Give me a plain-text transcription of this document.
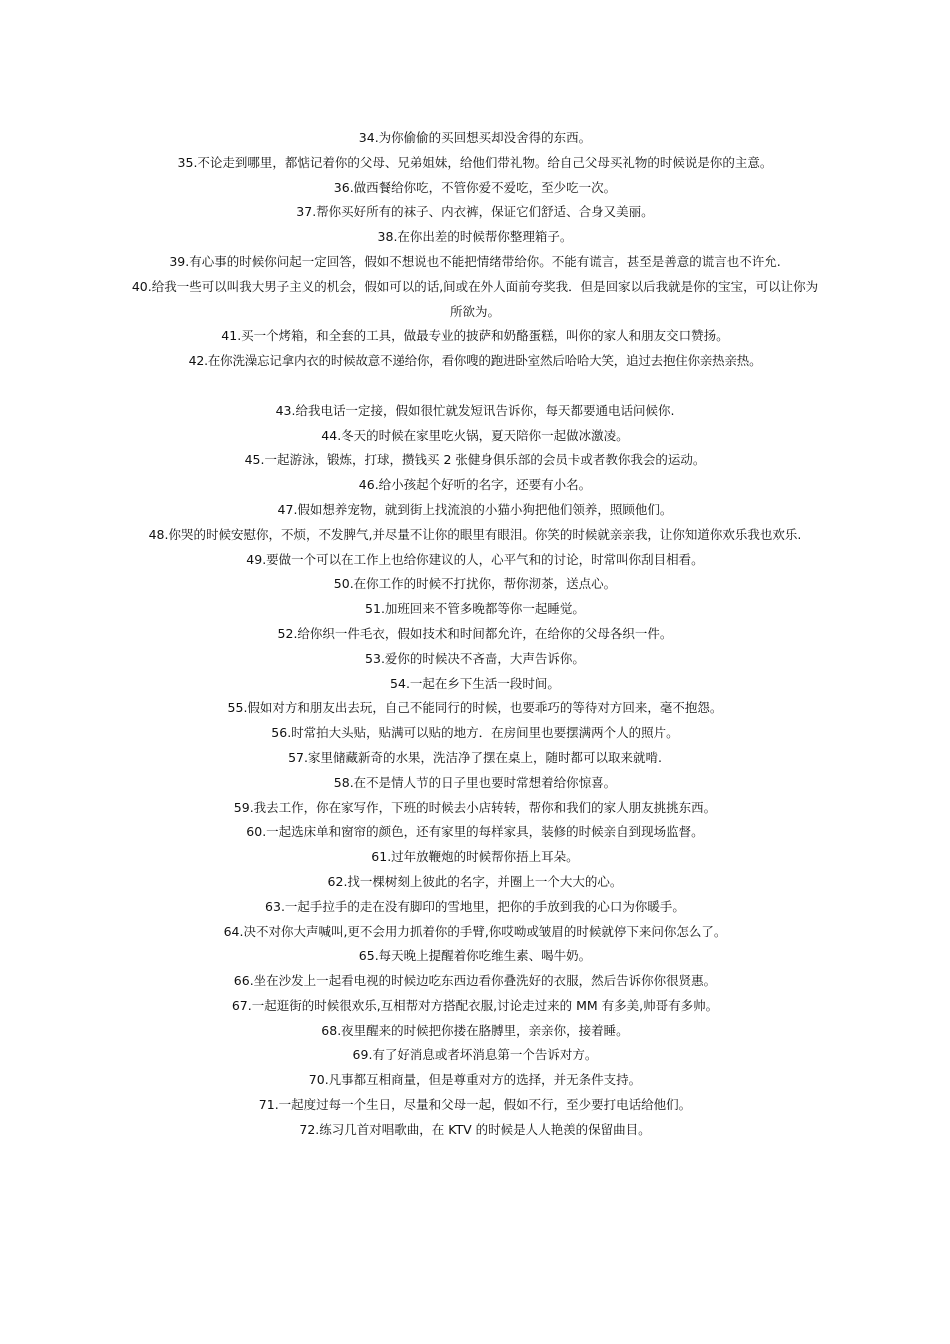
34.为你偷偷的买回想买却没舍得的东西。
35.不论走到哪里，都惦记着你的父母、兄弟姐妹，给他们带礼物。给自己父母买礼物的时候说是你的主意。
36.做西餐给你吃，不管你爱不爱吃，至少吃一次。
37.帮你买好所有的袜子、内衣裤，保证它们舒适、合身又美丽。
38.在你出差的时候帮你整理箱子。
39.有心事的时候你问起一定回答，假如不想说也不能把情绪带给你。不能有谎言，甚至是善意的谎言也不许允.
40.给我一些可以叫我大男子主义的机会，假如可以的话,间或在外人面前夸奖我．但是回家以后我就是你的宝宝，可以让你为所欲为。
41.买一个烤箱，和全套的工具，做最专业的披萨和奶酪蛋糕，叫你的家人和朋友交口赞扬。
42.在你洗澡忘记拿内衣的时候故意不递给你，看你嗖的跑进卧室然后哈哈大笑，追过去抱住你亲热亲热。
43.给我电话一定接，假如很忙就发短讯告诉你，每天都要通电话问候你.
44.冬天的时候在家里吃火锅，夏天陪你一起做冰激凌。
45.一起游泳，锻炼，打球，攒钱买 2 张健身俱乐部的会员卡或者教你我会的运动。
46.给小孩起个好听的名字，还要有小名。
47.假如想养宠物，就到街上找流浪的小猫小狗把他们领养，照顾他们。
48.你哭的时候安慰你，不烦，不发脾气,并尽量不让你的眼里有眼泪。你笑的时候就亲亲我，让你知道你欢乐我也欢乐.
49.要做一个可以在工作上也给你建议的人，心平气和的讨论，时常叫你刮目相看。
50.在你工作的时候不打扰你，帮你沏茶，送点心。
51.加班回来不管多晚都等你一起睡觉。
52.给你织一件毛衣，假如技术和时间都允许，在给你的父母各织一件。
53.爱你的时候决不吝啬，大声告诉你。
54.一起在乡下生活一段时间。
55.假如对方和朋友出去玩，自己不能同行的时候，也要乖巧的等待对方回来，毫不抱怨。
56.时常拍大头贴，贴满可以贴的地方．在房间里也要摆满两个人的照片。
57.家里储藏新奇的水果，洗洁净了摆在桌上，随时都可以取来就啃.
58.在不是情人节的日子里也要时常想着给你惊喜。
59.我去工作，你在家写作，下班的时候去小店转转，帮你和我们的家人朋友挑挑东西。
60.一起选床单和窗帘的颜色，还有家里的每样家具，装修的时候亲自到现场监督。
61.过年放鞭炮的时候帮你捂上耳朵。
62.找一棵树刻上彼此的名字，并圈上一个大大的心。
63.一起手拉手的走在没有脚印的雪地里，把你的手放到我的心口为你暖手。
64.决不对你大声喊叫,更不会用力抓着你的手臂,你哎呦或皱眉的时候就停下来问你怎么了。
65.每天晚上提醒着你吃维生素、喝牛奶。
66.坐在沙发上一起看电视的时候边吃东西边看你叠洗好的衣服，然后告诉你你很贤惠。
67.一起逛街的时候很欢乐,互相帮对方搭配衣服,讨论走过来的 MM 有多美,帅哥有多帅。
68.夜里醒来的时候把你搂在胳膊里，亲亲你，接着睡。
69.有了好消息或者坏消息第一个告诉对方。
70.凡事都互相商量，但是尊重对方的选择，并无条件支持。
71.一起度过每一个生日，尽量和父母一起，假如不行，至少要打电话给他们。
72.练习几首对唱歌曲，在 KTV 的时候是人人艳羡的保留曲目。
